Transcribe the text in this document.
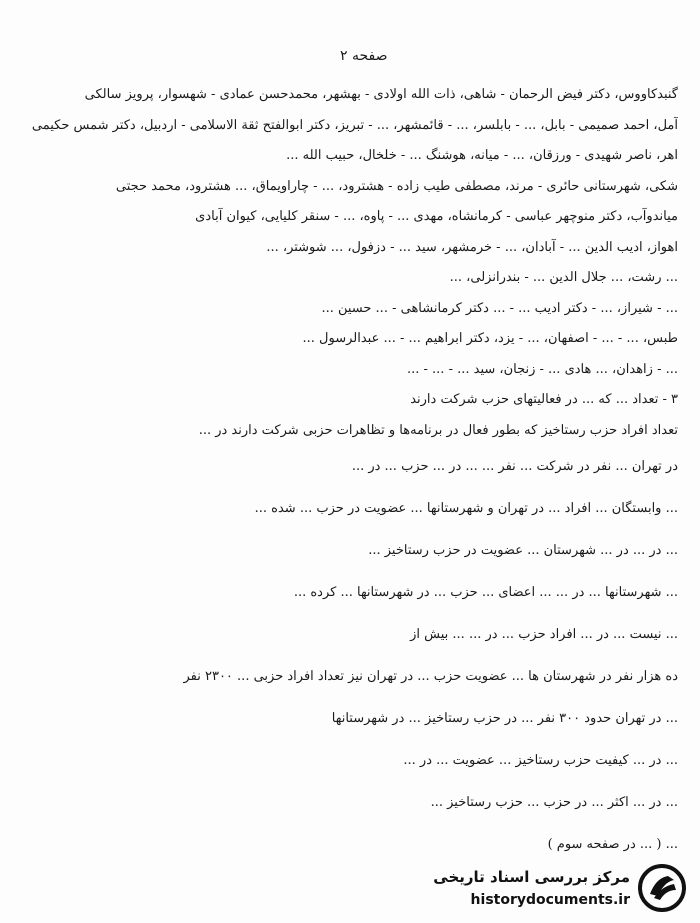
صفحه ۲
گنبدکاووس، دکتر فیض الرحمان - شاهی، ذات الله اولادی - بهشهر، محمدحسن عمادی - شهسوار، پرویز سالکی
آمل، احمد صمیمی - بابل، ... - بابلسر، ... - قائمشهر، ... - تبریز، دکتر ابوالفتح ثقة الاسلامی - اردبیل، دکتر شمس حکیمی
اهر، ناصر شهیدی - ورزقان، ... - میانه، هوشنگ ... - خلخال، حبیب الله ...
شکی، شهرستانی حائری - مرند، مصطفی طیب زاده - هشترود، ... - چاراویماق، ... هشترود، محمد حجتی
میاندوآب، دکتر منوچهر عباسی - کرمانشاه، مهدی ... - پاوه، ... - سنقر کلیایی، کیوان آبادی
اهواز، ادیب الدین ... - آبادان، ... - خرمشهر، سید ... - دزفول، ... شوشتر، ...
... رشت، ... جلال الدین ... - بندرانزلی، ...
... - شیراز، ... - دکتر ادیب ... - ... دکتر کرمانشاهی - ... حسین ...
طبس، ... - ... - اصفهان، ... - یزد، دکتر ابراهیم ... - ... عبدالرسول ...
... - زاهدان، ... هادی ... - زنجان، سید ... - ... - ...
۳ - تعداد ... که ... در فعالیتهای حزب شرکت دارند
تعداد افراد حزب رستاخیز که بطور فعال در برنامه‌ها و تظاهرات حزبی شرکت دارند در ...
در تهران ... نفر در شرکت ... نفر ... ... در ... حزب ... در ...
... وابستگان ... افراد ... در تهران و شهرستانها ... عضویت در حزب ... شده ...
... در ... در ... شهرستان ... عضویت در حزب رستاخیز ...
... شهرستانها ... در ... ... اعضای ... حزب ... در شهرستانها ... کرده ...
... نیست ... در ... افراد حزب ... در ... ... بیش از
ده هزار نفر در شهرستان ها ... عضویت حزب ... در تهران نیز تعداد افراد حزبی ... ۲۳۰۰ نفر
... در تهران حدود ۳۰۰ نفر ... در حزب رستاخیز ... در شهرستانها
... در ... کیفیت حزب رستاخیز ... عضویت ... در ...
... در ... اکثر ... در حزب ... حزب رستاخیز ...
... ( ... در صفحه سوم )
مرکز بررسی اسناد تاریخی
historydocuments.ir
